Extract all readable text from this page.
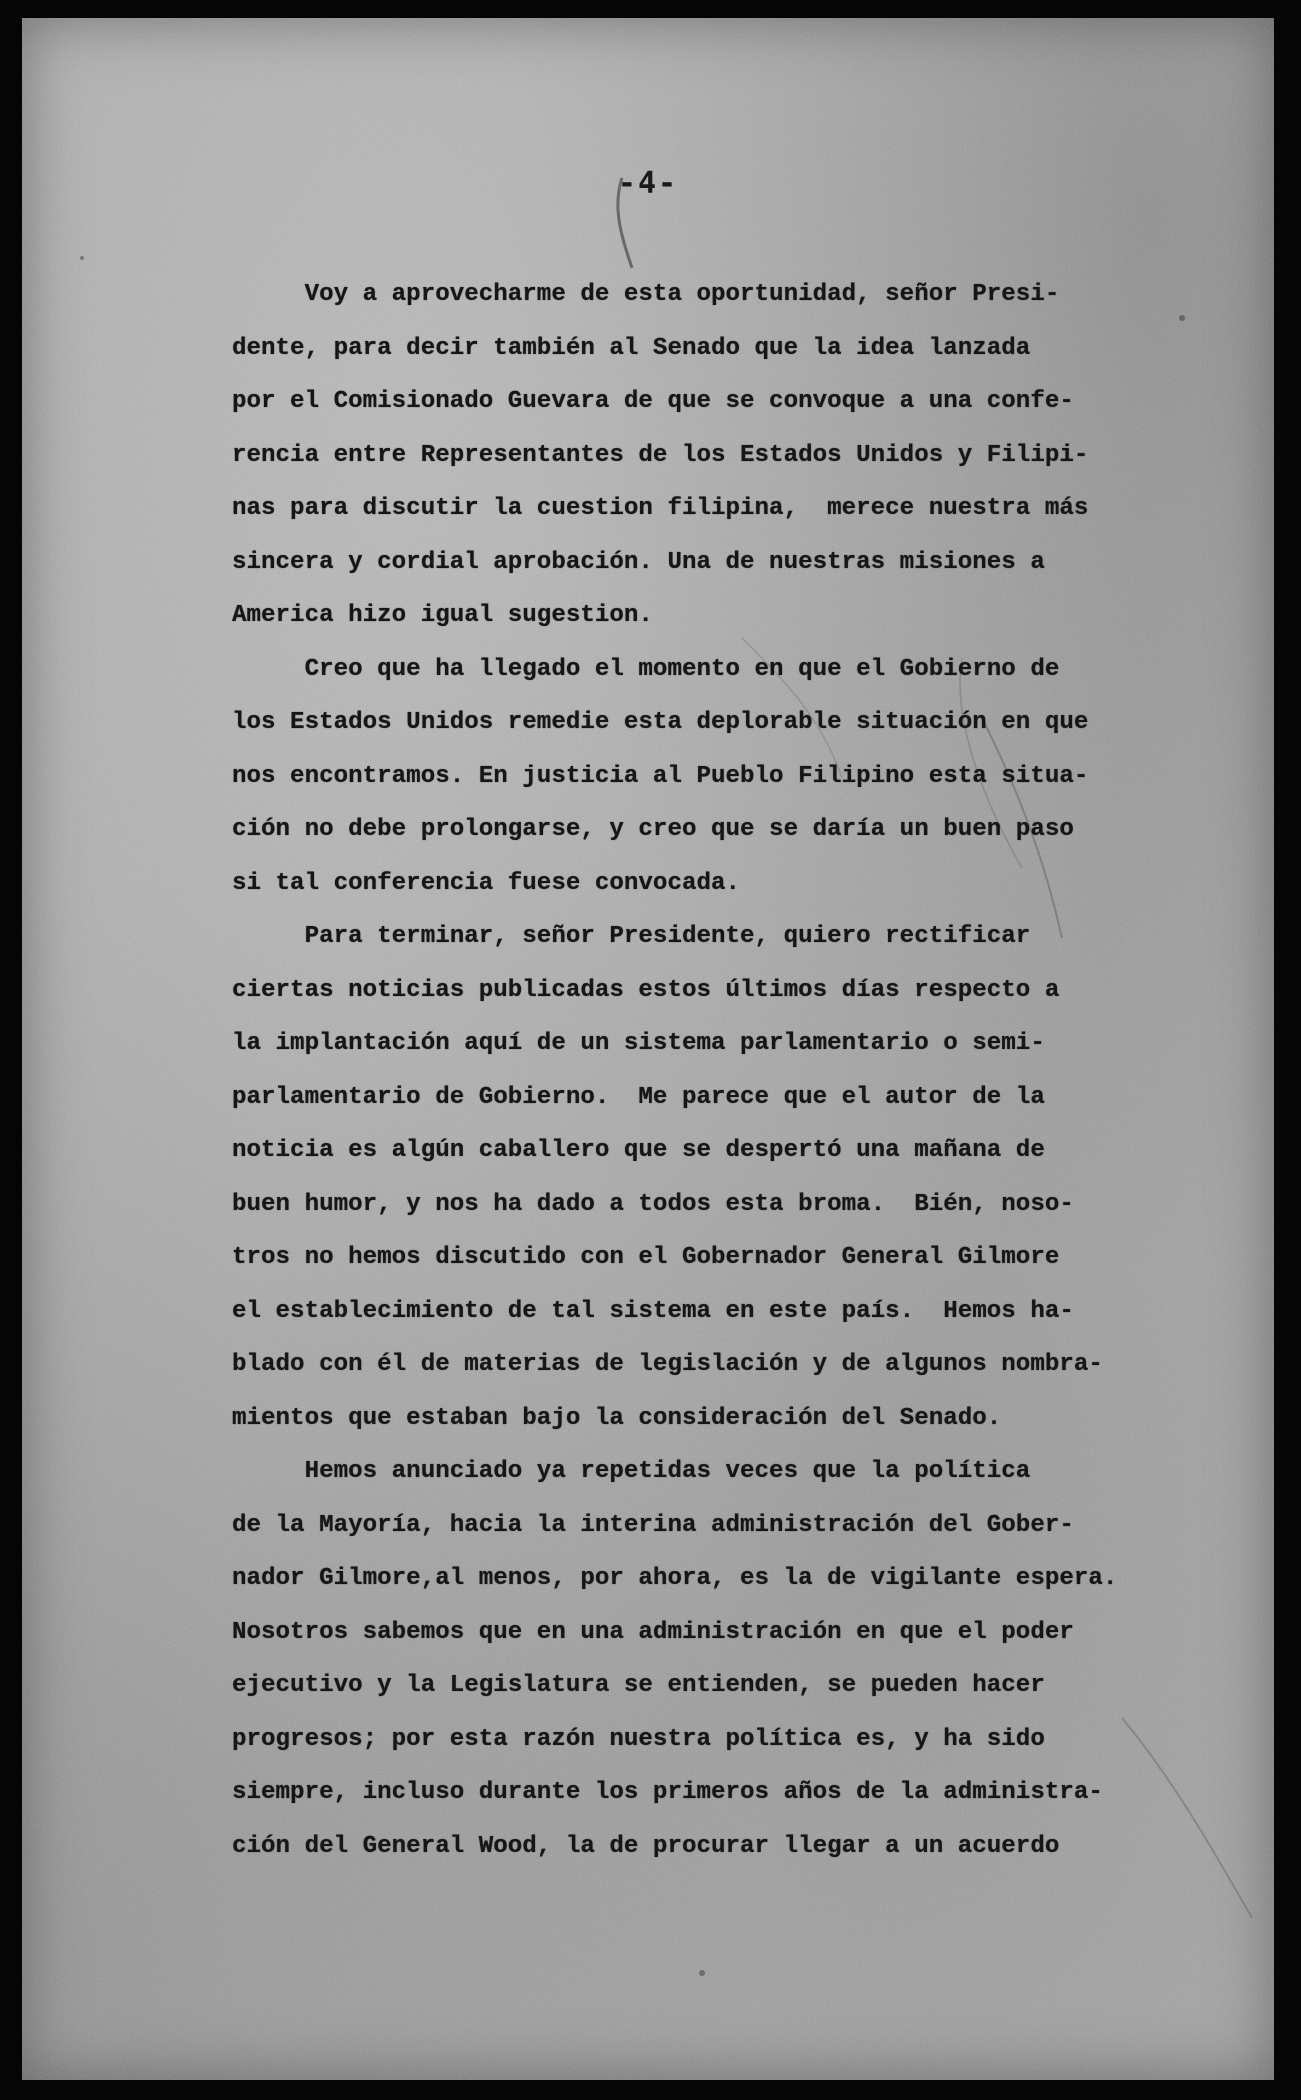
-4-

Voy a aprovecharme de esta oportunidad, señor Presi-
dente, para decir también al Senado que la idea lanzada
por el Comisionado Guevara de que se convoque a una confe-
rencia entre Representantes de los Estados Unidos y Filipi-
nas para discutir la cuestion filipina,  merece nuestra más
sincera y cordial aprobación. Una de nuestras misiones a
America hizo igual sugestion.

Creo que ha llegado el momento en que el Gobierno de
los Estados Unidos remedie esta deplorable situación en que
nos encontramos. En justicia al Pueblo Filipino esta situa-
ción no debe prolongarse, y creo que se daría un buen paso
si tal conferencia fuese convocada.

Para terminar, señor Presidente, quiero rectificar
ciertas noticias publicadas estos últimos días respecto a
la implantación aquí de un sistema parlamentario o semi-
parlamentario de Gobierno.  Me parece que el autor de la
noticia es algún caballero que se despertó una mañana de
buen humor, y nos ha dado a todos esta broma.  Bién, noso-
tros no hemos discutido con el Gobernador General Gilmore
el establecimiento de tal sistema en este país.  Hemos ha-
blado con él de materias de legislación y de algunos nombra-
mientos que estaban bajo la consideración del Senado.

Hemos anunciado ya repetidas veces que la política
de la Mayoría, hacia la interina administración del Gober-
nador Gilmore,al menos, por ahora, es la de vigilante espera.
Nosotros sabemos que en una administración en que el poder
ejecutivo y la Legislatura se entienden, se pueden hacer
progresos; por esta razón nuestra política es, y ha sido
siempre, incluso durante los primeros años de la administra-
ción del General Wood, la de procurar llegar a un acuerdo
